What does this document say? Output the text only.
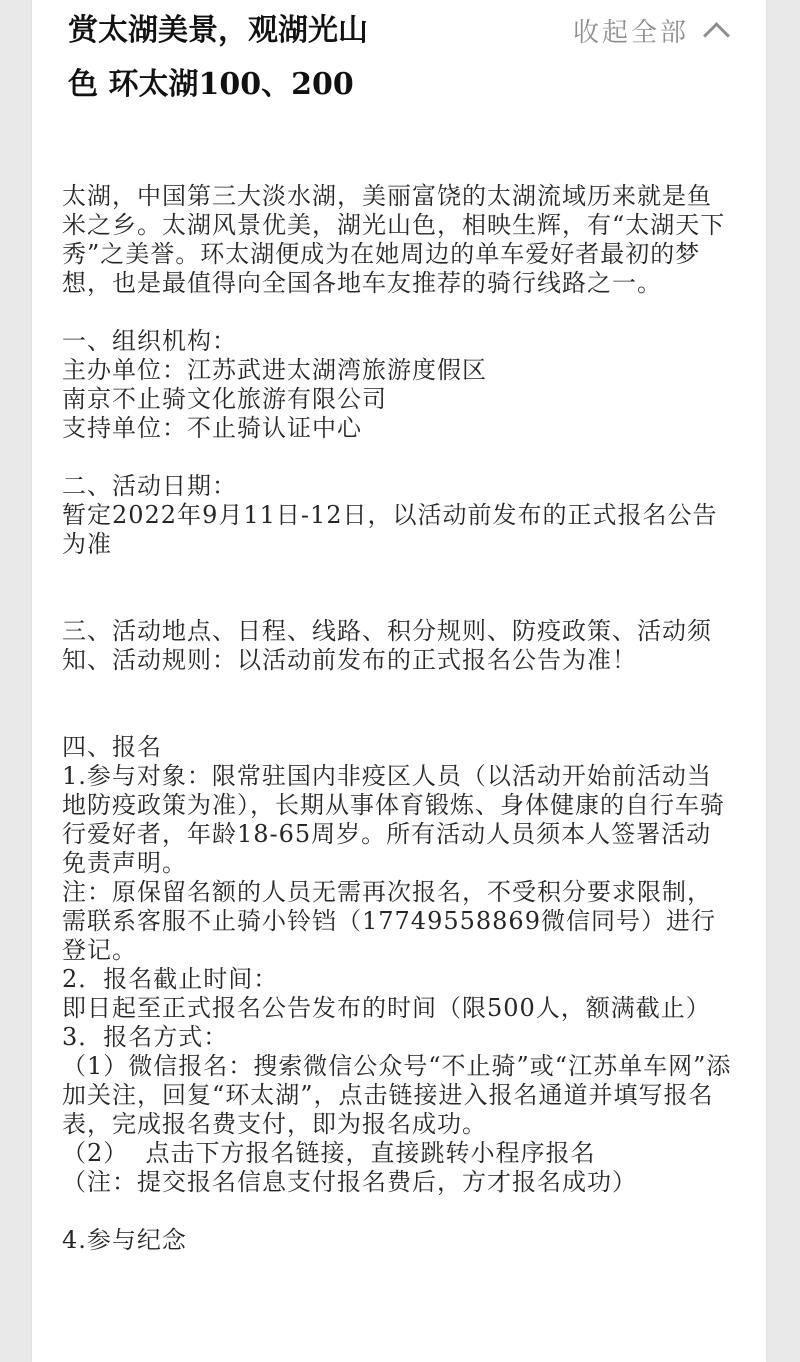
赏太湖美景，观湖光山色 环太湖100、200
收起全部

太湖，中国第三大淡水湖，美丽富饶的太湖流域历来就是鱼米之乡。太湖风景优美，湖光山色，相映生辉，有“太湖天下秀”之美誉。环太湖便成为在她周边的单车爱好者最初的梦想，也是最值得向全国各地车友推荐的骑行线路之一。

一、组织机构：

主办单位：江苏武进太湖湾旅游度假区

南京不止骑文化旅游有限公司

支持单位：不止骑认证中心

二、活动日期：

暂定2022年9月11日-12日，以活动前发布的正式报名公告为准

三、活动地点、日程、线路、积分规则、防疫政策、活动须知、活动规则：以活动前发布的正式报名公告为准！

四、报名

1.参与对象：限常驻国内非疫区人员（以活动开始前活动当地防疫政策为准），长期从事体育锻炼、身体健康的自行车骑行爱好者，年龄18-65周岁。所有活动人员须本人签署活动免责声明。

注：原保留名额的人员无需再次报名，不受积分要求限制，需联系客服不止骑小铃铛（17749558869微信同号）进行登记。

2．报名截止时间：

即日起至正式报名公告发布的时间（限500人，额满截止）

3．报名方式：

（1）微信报名：搜索微信公众号“不止骑”或“江苏单车网”添加关注，回复“环太湖”，点击链接进入报名通道并填写报名表，完成报名费支付，即为报名成功。

（2）  点击下方报名链接，直接跳转小程序报名

（注：提交报名信息支付报名费后，方才报名成功）

4.参与纪念
